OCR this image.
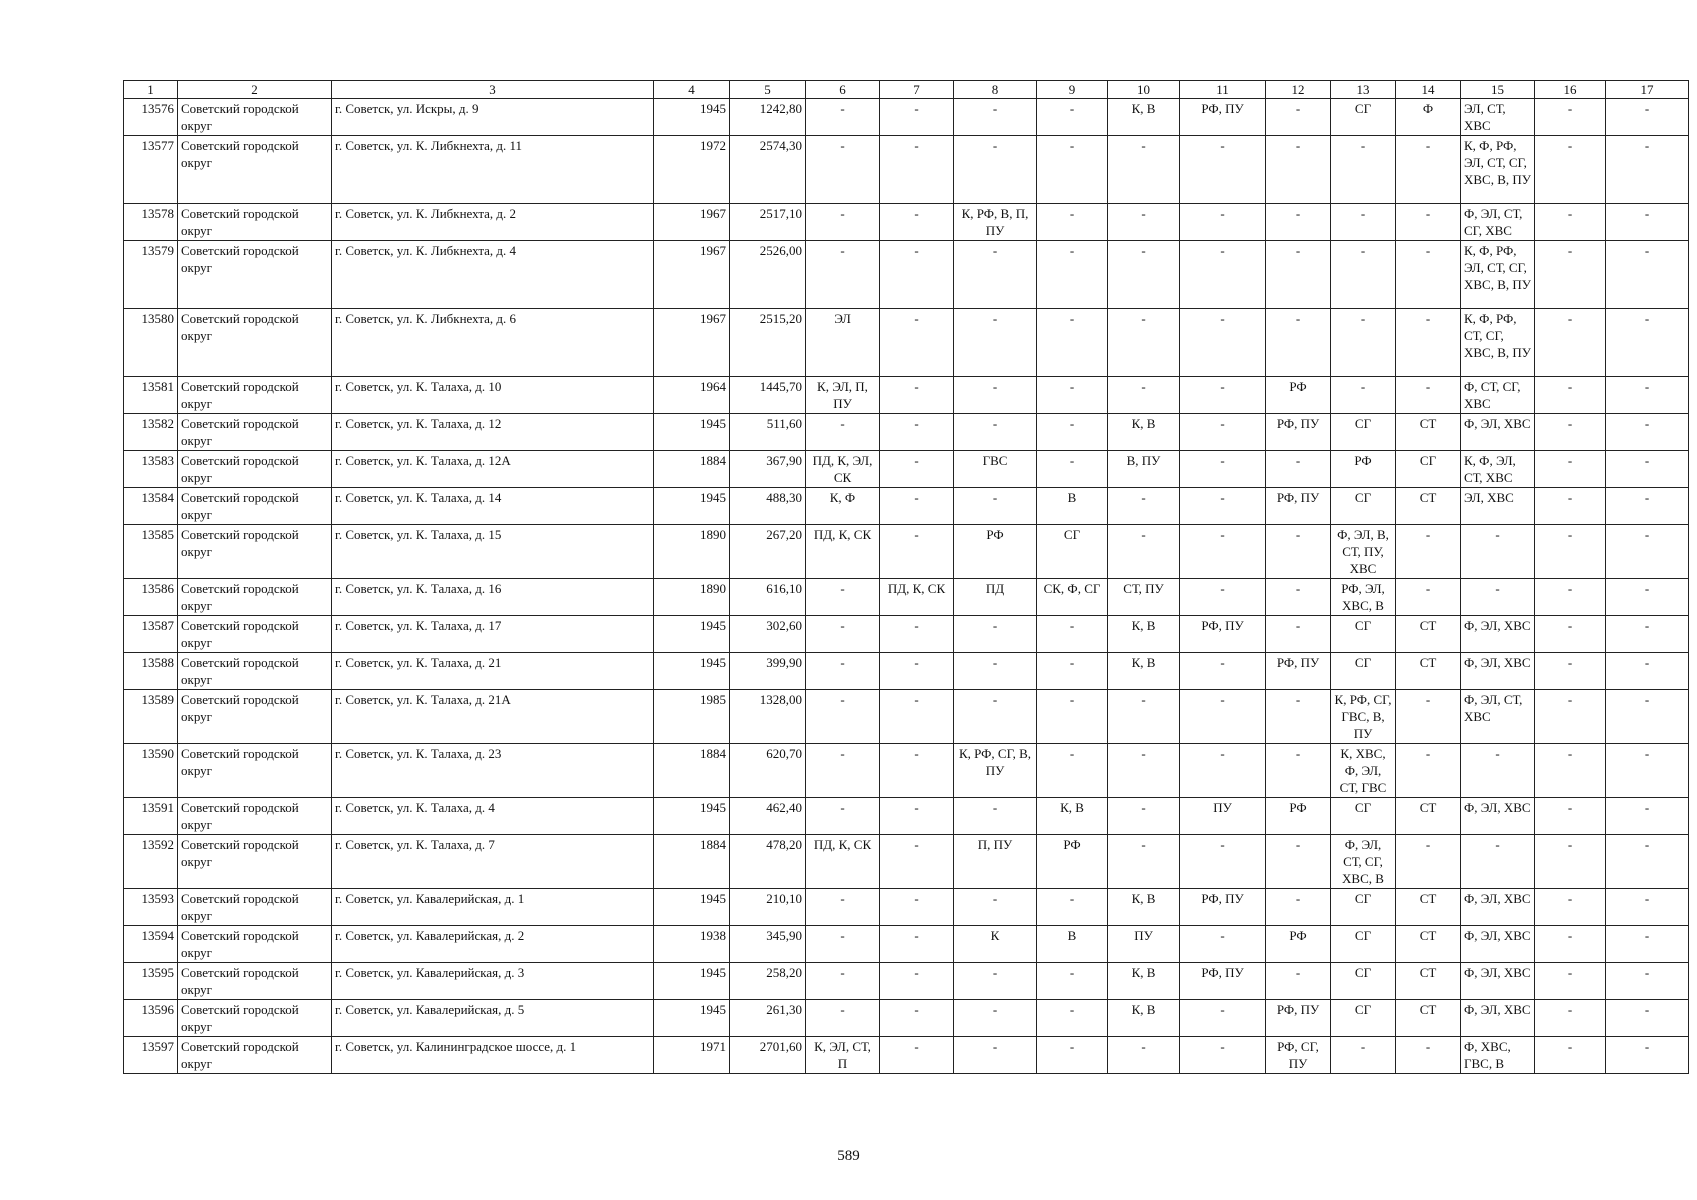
1	2	3	4	5	6	7	8	9	10	11	12	13	14	15	16	17
13576	Советский городской округ	г. Советск, ул. Искры, д. 9	1945	1242,80	-	-	-	-	К, В	РФ, ПУ	-	СГ	Ф	ЭЛ, СТ, ХВС	-	-
13577	Советский городской округ	г. Советск, ул. К. Либкнехта, д. 11	1972	2574,30	-	-	-	-	-	-	-	-	-	К, Ф, РФ, ЭЛ, СТ, СГ, ХВС, В, ПУ	-	-
13578	Советский городской округ	г. Советск, ул. К. Либкнехта, д. 2	1967	2517,10	-	-	К, РФ, В, П, ПУ	-	-	-	-	-	-	Ф, ЭЛ, СТ, СГ, ХВС	-	-
13579	Советский городской округ	г. Советск, ул. К. Либкнехта, д. 4	1967	2526,00	-	-	-	-	-	-	-	-	-	К, Ф, РФ, ЭЛ, СТ, СГ, ХВС, В, ПУ	-	-
13580	Советский городской округ	г. Советск, ул. К. Либкнехта, д. 6	1967	2515,20	ЭЛ	-	-	-	-	-	-	-	-	К, Ф, РФ, СТ, СГ, ХВС, В, ПУ	-	-
13581	Советский городской округ	г. Советск, ул. К. Талаха, д. 10	1964	1445,70	К, ЭЛ, П, ПУ	-	-	-	-	-	РФ	-	-	Ф, СТ, СГ, ХВС	-	-
13582	Советский городской округ	г. Советск, ул. К. Талаха, д. 12	1945	511,60	-	-	-	-	К, В	-	РФ, ПУ	СГ	СТ	Ф, ЭЛ, ХВС	-	-
13583	Советский городской округ	г. Советск, ул. К. Талаха, д. 12А	1884	367,90	ПД, К, ЭЛ, СК	-	ГВС	-	В, ПУ	-	-	РФ	СГ	К, Ф, ЭЛ, СТ, ХВС	-	-
13584	Советский городской округ	г. Советск, ул. К. Талаха, д. 14	1945	488,30	К, Ф	-	-	В	-	-	РФ, ПУ	СГ	СТ	ЭЛ, ХВС	-	-
13585	Советский городской округ	г. Советск, ул. К. Талаха, д. 15	1890	267,20	ПД, К, СК	-	РФ	СГ	-	-	-	Ф, ЭЛ, В, СТ, ПУ, ХВС	-	-	-	-
13586	Советский городской округ	г. Советск, ул. К. Талаха, д. 16	1890	616,10	-	ПД, К, СК	ПД	СК, Ф, СГ	СТ, ПУ	-	-	РФ, ЭЛ, ХВС, В	-	-	-	-
13587	Советский городской округ	г. Советск, ул. К. Талаха, д. 17	1945	302,60	-	-	-	-	К, В	РФ, ПУ	-	СГ	СТ	Ф, ЭЛ, ХВС	-	-
13588	Советский городской округ	г. Советск, ул. К. Талаха, д. 21	1945	399,90	-	-	-	-	К, В	-	РФ, ПУ	СГ	СТ	Ф, ЭЛ, ХВС	-	-
13589	Советский городской округ	г. Советск, ул. К. Талаха, д. 21А	1985	1328,00	-	-	-	-	-	-	-	К, РФ, СГ, ГВС, В, ПУ	-	Ф, ЭЛ, СТ, ХВС	-	-
13590	Советский городской округ	г. Советск, ул. К. Талаха, д. 23	1884	620,70	-	-	К, РФ, СГ, В, ПУ	-	-	-	-	К, ХВС, Ф, ЭЛ, СТ, ГВС	-	-	-	-
13591	Советский городской округ	г. Советск, ул. К. Талаха, д. 4	1945	462,40	-	-	-	К, В	-	ПУ	РФ	СГ	СТ	Ф, ЭЛ, ХВС	-	-
13592	Советский городской округ	г. Советск, ул. К. Талаха, д. 7	1884	478,20	ПД, К, СК	-	П, ПУ	РФ	-	-	-	Ф, ЭЛ, СТ, СГ, ХВС, В	-	-	-	-
13593	Советский городской округ	г. Советск, ул. Кавалерийская, д. 1	1945	210,10	-	-	-	-	К, В	РФ, ПУ	-	СГ	СТ	Ф, ЭЛ, ХВС	-	-
13594	Советский городской округ	г. Советск, ул. Кавалерийская, д. 2	1938	345,90	-	-	К	В	ПУ	-	РФ	СГ	СТ	Ф, ЭЛ, ХВС	-	-
13595	Советский городской округ	г. Советск, ул. Кавалерийская, д. 3	1945	258,20	-	-	-	-	К, В	РФ, ПУ	-	СГ	СТ	Ф, ЭЛ, ХВС	-	-
13596	Советский городской округ	г. Советск, ул. Кавалерийская, д. 5	1945	261,30	-	-	-	-	К, В	-	РФ, ПУ	СГ	СТ	Ф, ЭЛ, ХВС	-	-
13597	Советский городской округ	г. Советск, ул. Калининградское шоссе, д. 1	1971	2701,60	К, ЭЛ, СТ, П	-	-	-	-	-	РФ, СГ, ПУ	-	-	Ф, ХВС, ГВС, В	-	-
589
